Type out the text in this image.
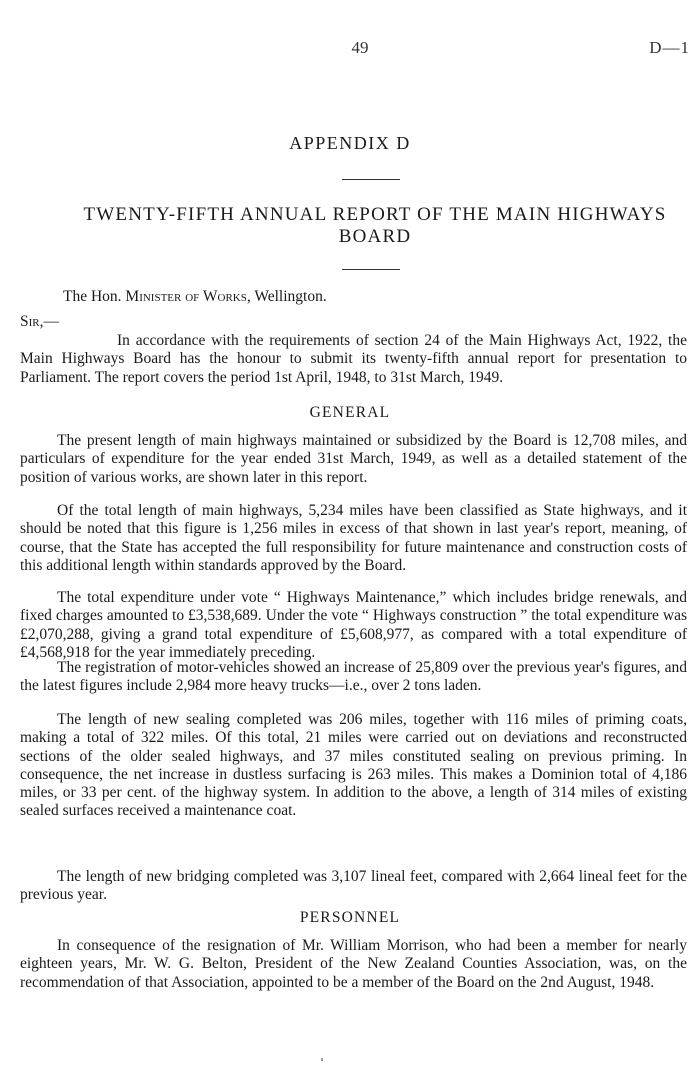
49	D—1
APPENDIX D
TWENTY-FIFTH ANNUAL REPORT OF THE MAIN HIGHWAYS BOARD
The Hon. Minister of Works, Wellington.
Sir,—

In accordance with the requirements of section 24 of the Main Highways Act, 1922, the Main Highways Board has the honour to submit its twenty-fifth annual report for presentation to Parliament. The report covers the period 1st April, 1948, to 31st March, 1949.

GENERAL

The present length of main highways maintained or subsidized by the Board is 12,708 miles, and particulars of expenditure for the year ended 31st March, 1949, as well as a detailed statement of the position of various works, are shown later in this report.

Of the total length of main highways, 5,234 miles have been classified as State highways, and it should be noted that this figure is 1,256 miles in excess of that shown in last year's report, meaning, of course, that the State has accepted the full responsibility for future maintenance and construction costs of this additional length within standards approved by the Board.

The total expenditure under vote “ Highways Maintenance,” which includes bridge renewals, and fixed charges amounted to £3,538,689. Under the vote “ Highways construction ” the total expenditure was £2,070,288, giving a grand total expenditure of £5,608,977, as compared with a total expenditure of £4,568,918 for the year immediately preceding.

The registration of motor-vehicles showed an increase of 25,809 over the previous year's figures, and the latest figures include 2,984 more heavy trucks—i.e., over 2 tons laden.

The length of new sealing completed was 206 miles, together with 116 miles of priming coats, making a total of 322 miles. Of this total, 21 miles were carried out on deviations and reconstructed sections of the older sealed highways, and 37 miles constituted sealing on previous priming. In consequence, the net increase in dustless surfacing is 263 miles. This makes a Dominion total of 4,186 miles, or 33 per cent. of the highway system. In addition to the above, a length of 314 miles of existing sealed surfaces received a maintenance coat.

The length of new bridging completed was 3,107 lineal feet, compared with 2,664 lineal feet for the previous year.

PERSONNEL

In consequence of the resignation of Mr. William Morrison, who had been a member for nearly eighteen years, Mr. W. G. Belton, President of the New Zealand Counties Association, was, on the recommendation of that Association, appointed to be a member of the Board on the 2nd August, 1948.
